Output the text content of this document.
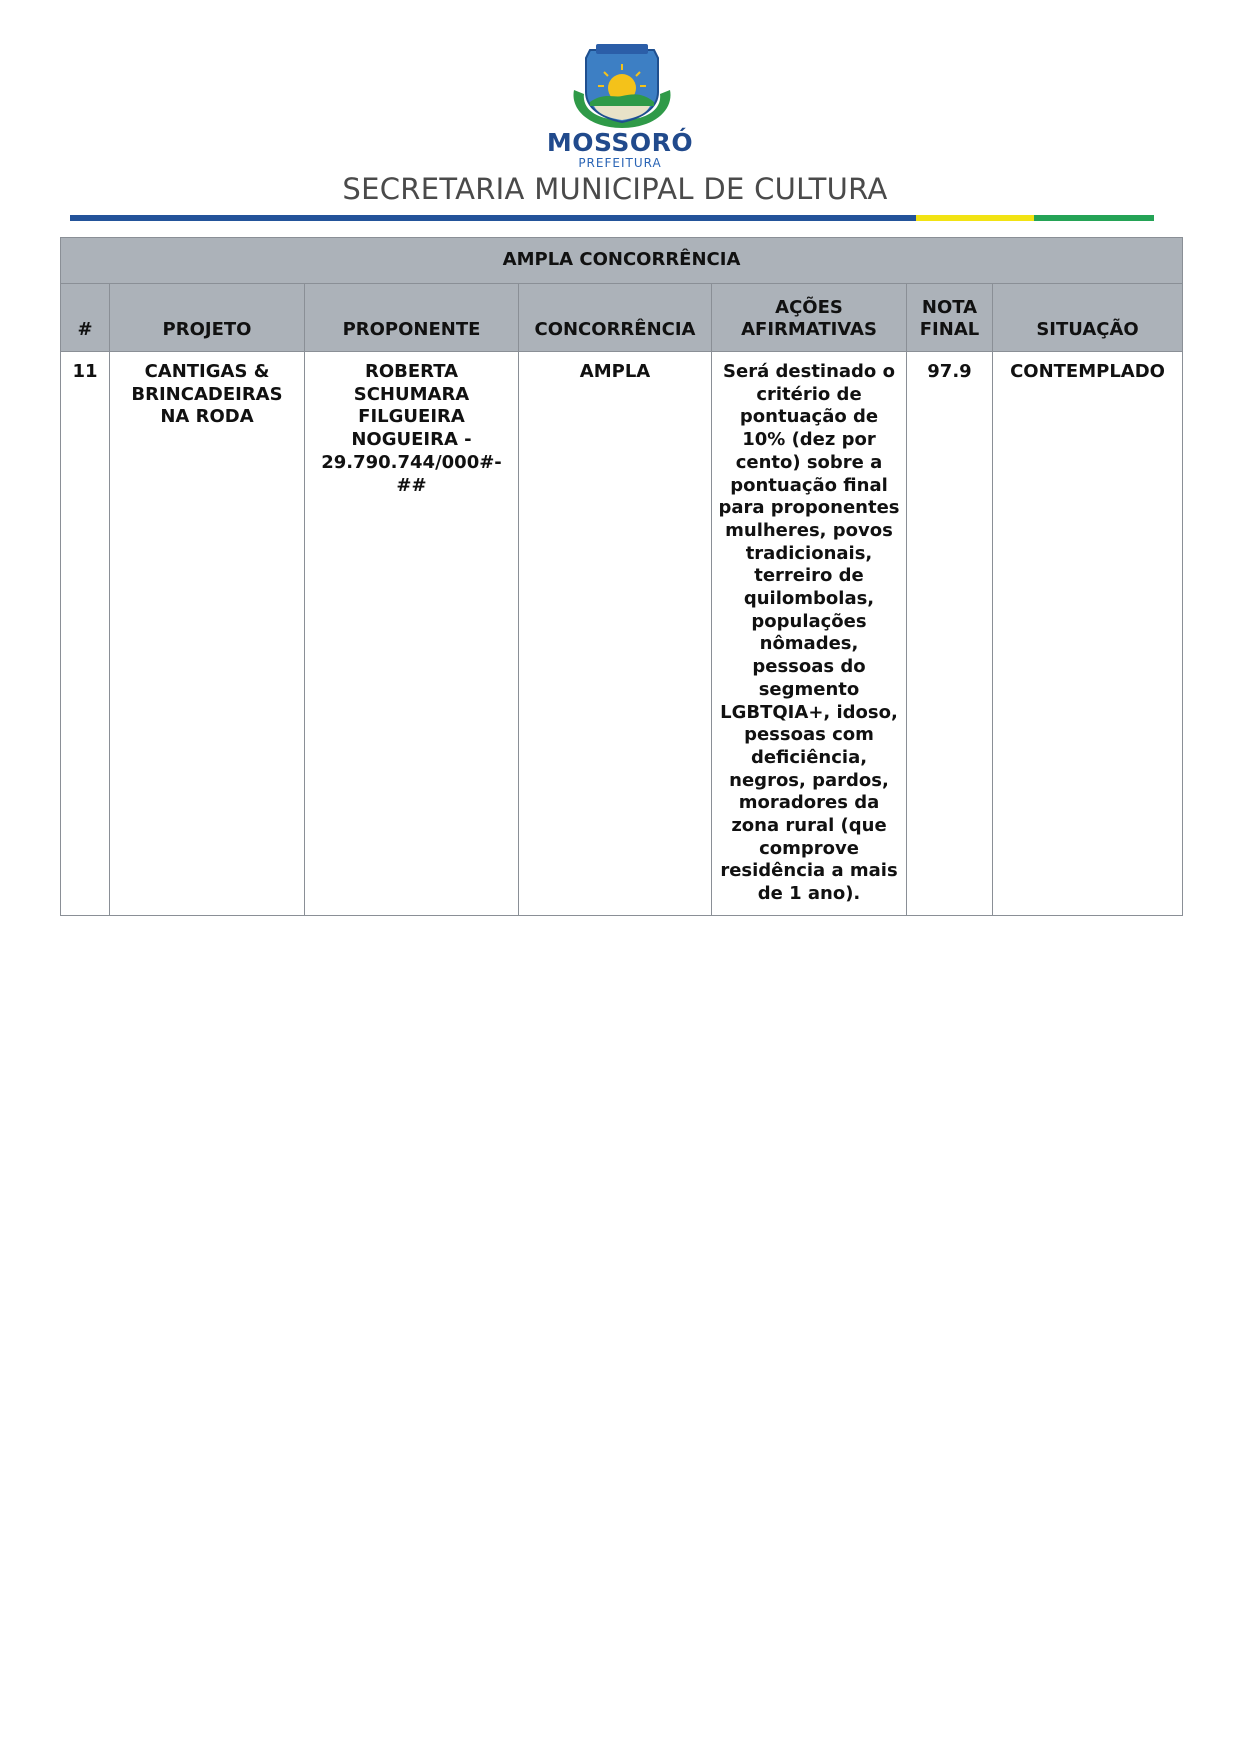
MOSSORÓ
PREFEITURA
SECRETARIA MUNICIPAL DE CULTURA
AMPLA CONCORRÊNCIA						
#	PROJETO	PROPONENTE	CONCORRÊNCIA	AÇÕES AFIRMATIVAS	NOTA FINAL	SITUAÇÃO
11	CANTIGAS & BRINCADEIRAS NA RODA	ROBERTA SCHUMARA FILGUEIRA NOGUEIRA - 29.790.744/000#-##	AMPLA	Será destinado o critério de pontuação de 10% (dez por cento) sobre a pontuação final para proponentes mulheres, povos tradicionais, terreiro de quilombolas, populações nômades, pessoas do segmento LGBTQIA+, idoso, pessoas com deficiência, negros, pardos, moradores da zona rural (que comprove residência a mais de 1 ano).	97.9	CONTEMPLADO
